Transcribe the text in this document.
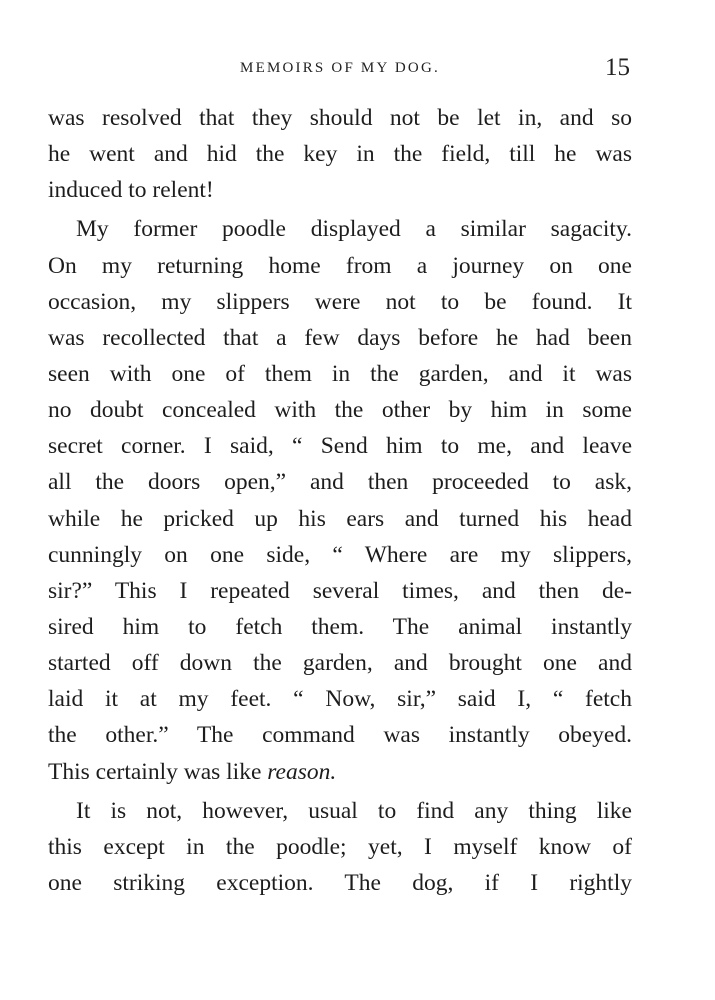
MEMOIRS OF MY DOG.	15
was resolved that they should not be let in, and so
he went and hid the key in the field, till he was
induced to relent!
My former poodle displayed a similar sagacity.
On my returning home from a journey on one
occasion, my slippers were not to be found. It
was recollected that a few days before he had been
seen with one of them in the garden, and it was
no doubt concealed with the other by him in some
secret corner. I said, “ Send him to me, and leave
all the doors open,” and then proceeded to ask,
while he pricked up his ears and turned his head
cunningly on one side, “ Where are my slippers,
sir?” This I repeated several times, and then de-
sired him to fetch them. The animal instantly
started off down the garden, and brought one and
laid it at my feet. “ Now, sir,” said I, “ fetch
the other.” The command was instantly obeyed.
This certainly was like reason.
It is not, however, usual to find any thing like
this except in the poodle; yet, I myself know of
one striking exception. The dog, if I rightly
